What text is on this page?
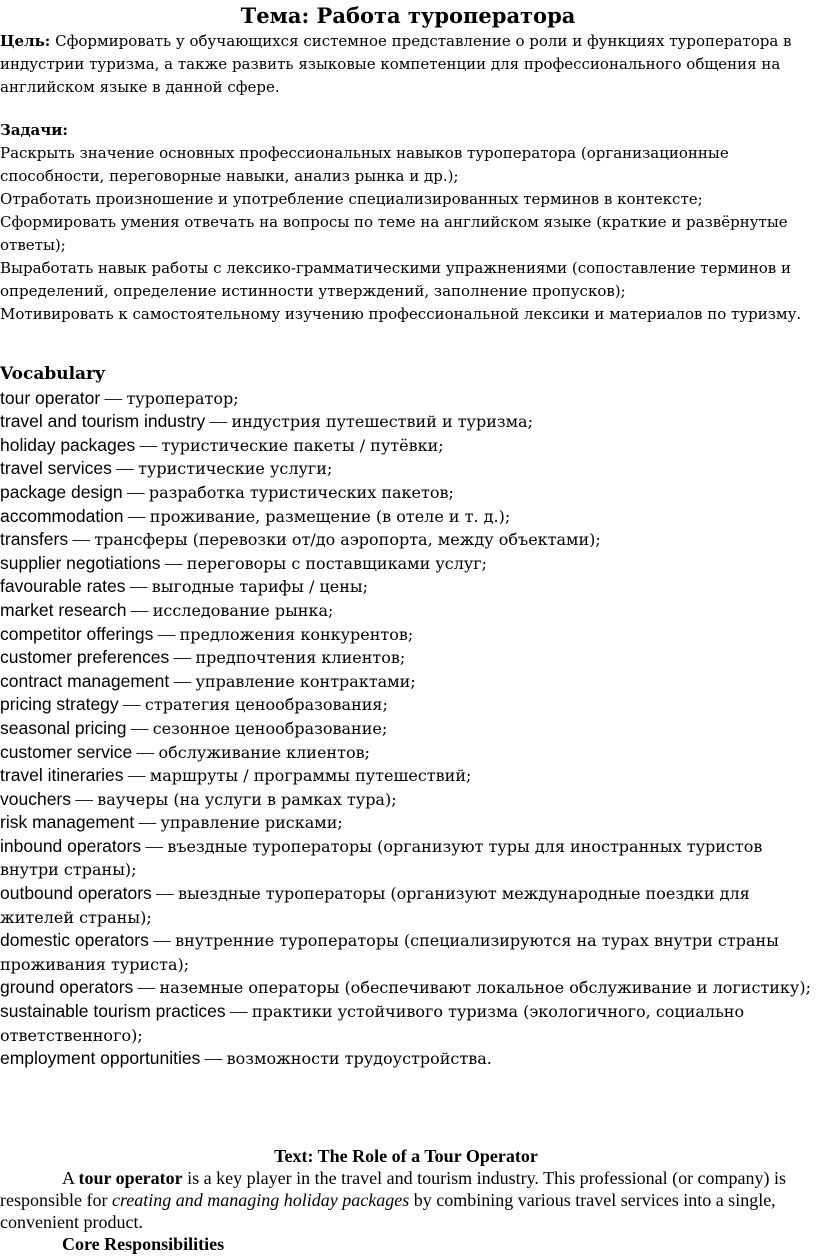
Тема: Работа туроператора

Цель: Сформировать у обучающихся системное представление о роли и функциях туроператора в индустрии туризма, а также развить языковые компетенции для профессионального общения на английском языке в данной сфере.

Задачи:

Раскрыть значение основных профессиональных навыков туроператора (организационные способности, переговорные навыки, анализ рынка и др.);

Отработать произношение и употребление специализированных терминов в контексте;

Сформировать умения отвечать на вопросы по теме на английском языке (краткие и развёрнутые ответы);

Выработать навык работы с лексико-грамматическими упражнениями (сопоставление терминов и определений, определение истинности утверждений, заполнение пропусков);

Мотивировать к самостоятельному изучению профессиональной лексики и материалов по туризму.

Vocabulary

tour operator — туроператор;

travel and tourism industry — индустрия путешествий и туризма;

holiday packages — туристические пакеты / путёвки;

travel services — туристические услуги;

package design — разработка туристических пакетов;

accommodation — проживание, размещение (в отеле и т. д.);

transfers — трансферы (перевозки от/до аэропорта, между объектами);

supplier negotiations — переговоры с поставщиками услуг;

favourable rates — выгодные тарифы / цены;

market research — исследование рынка;

competitor offerings — предложения конкурентов;

customer preferences — предпочтения клиентов;

contract management — управление контрактами;

pricing strategy — стратегия ценообразования;

seasonal pricing — сезонное ценообразование;

customer service — обслуживание клиентов;

travel itineraries — маршруты / программы путешествий;

vouchers — ваучеры (на услуги в рамках тура);

risk management — управление рисками;

inbound operators — въездные туроператоры (организуют туры для иностранных туристов внутри страны);

outbound operators — выездные туроператоры (организуют международные поездки для жителей страны);

domestic operators — внутренние туроператоры (специализируются на турах внутри страны проживания туриста);

ground operators — наземные операторы (обеспечивают локальное обслуживание и логистику);

sustainable tourism practices — практики устойчивого туризма (экологичного, социально ответственного);

employment opportunities — возможности трудоустройства.

Text: The Role of a Tour Operator

A tour operator is a key player in the travel and tourism industry. This professional (or company) is responsible for creating and managing holiday packages by combining various travel services into a single, convenient product.

Core Responsibilities
